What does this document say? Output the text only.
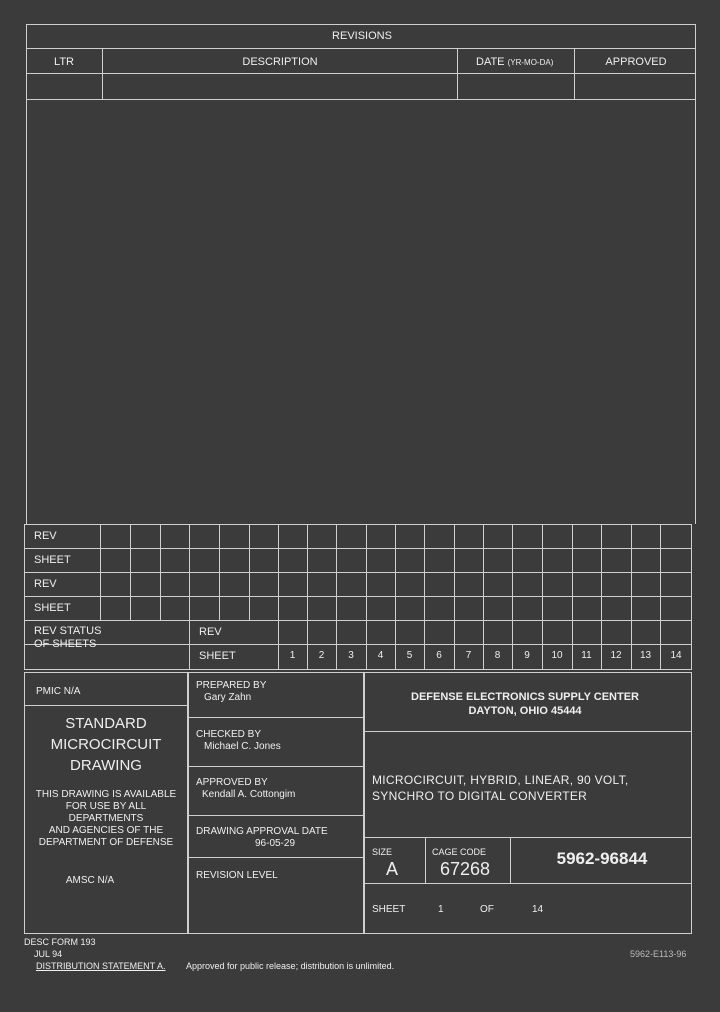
REVISIONS
LTR	DESCRIPTION	DATE (YR-MO-DA)	APPROVED
REV
SHEET
REV
SHEET
REV STATUS
OF SHEETS
REV
SHEET	1	2	3	4	5	6	7	8	9	10	11	12	13	14
PMIC N/A
STANDARD
MICROCIRCUIT
DRAWING
THIS DRAWING IS AVAILABLE
FOR USE BY ALL
DEPARTMENTS
AND AGENCIES OF THE
DEPARTMENT OF DEFENSE
AMSC N/A
PREPARED BY
Gary Zahn
CHECKED BY
Michael C. Jones
APPROVED BY
Kendall A. Cottongim
DRAWING APPROVAL DATE
96-05-29
REVISION LEVEL
DEFENSE ELECTRONICS SUPPLY CENTER
DAYTON, OHIO 45444
MICROCIRCUIT, HYBRID, LINEAR, 90 VOLT,
SYNCHRO TO DIGITAL CONVERTER
SIZE
A
CAGE CODE
67268
5962-96844
SHEET	1	OF	14
DESC FORM 193
JUL 94
DISTRIBUTION STATEMENT A. Approved for public release; distribution is unlimited.
5962-E113-96
